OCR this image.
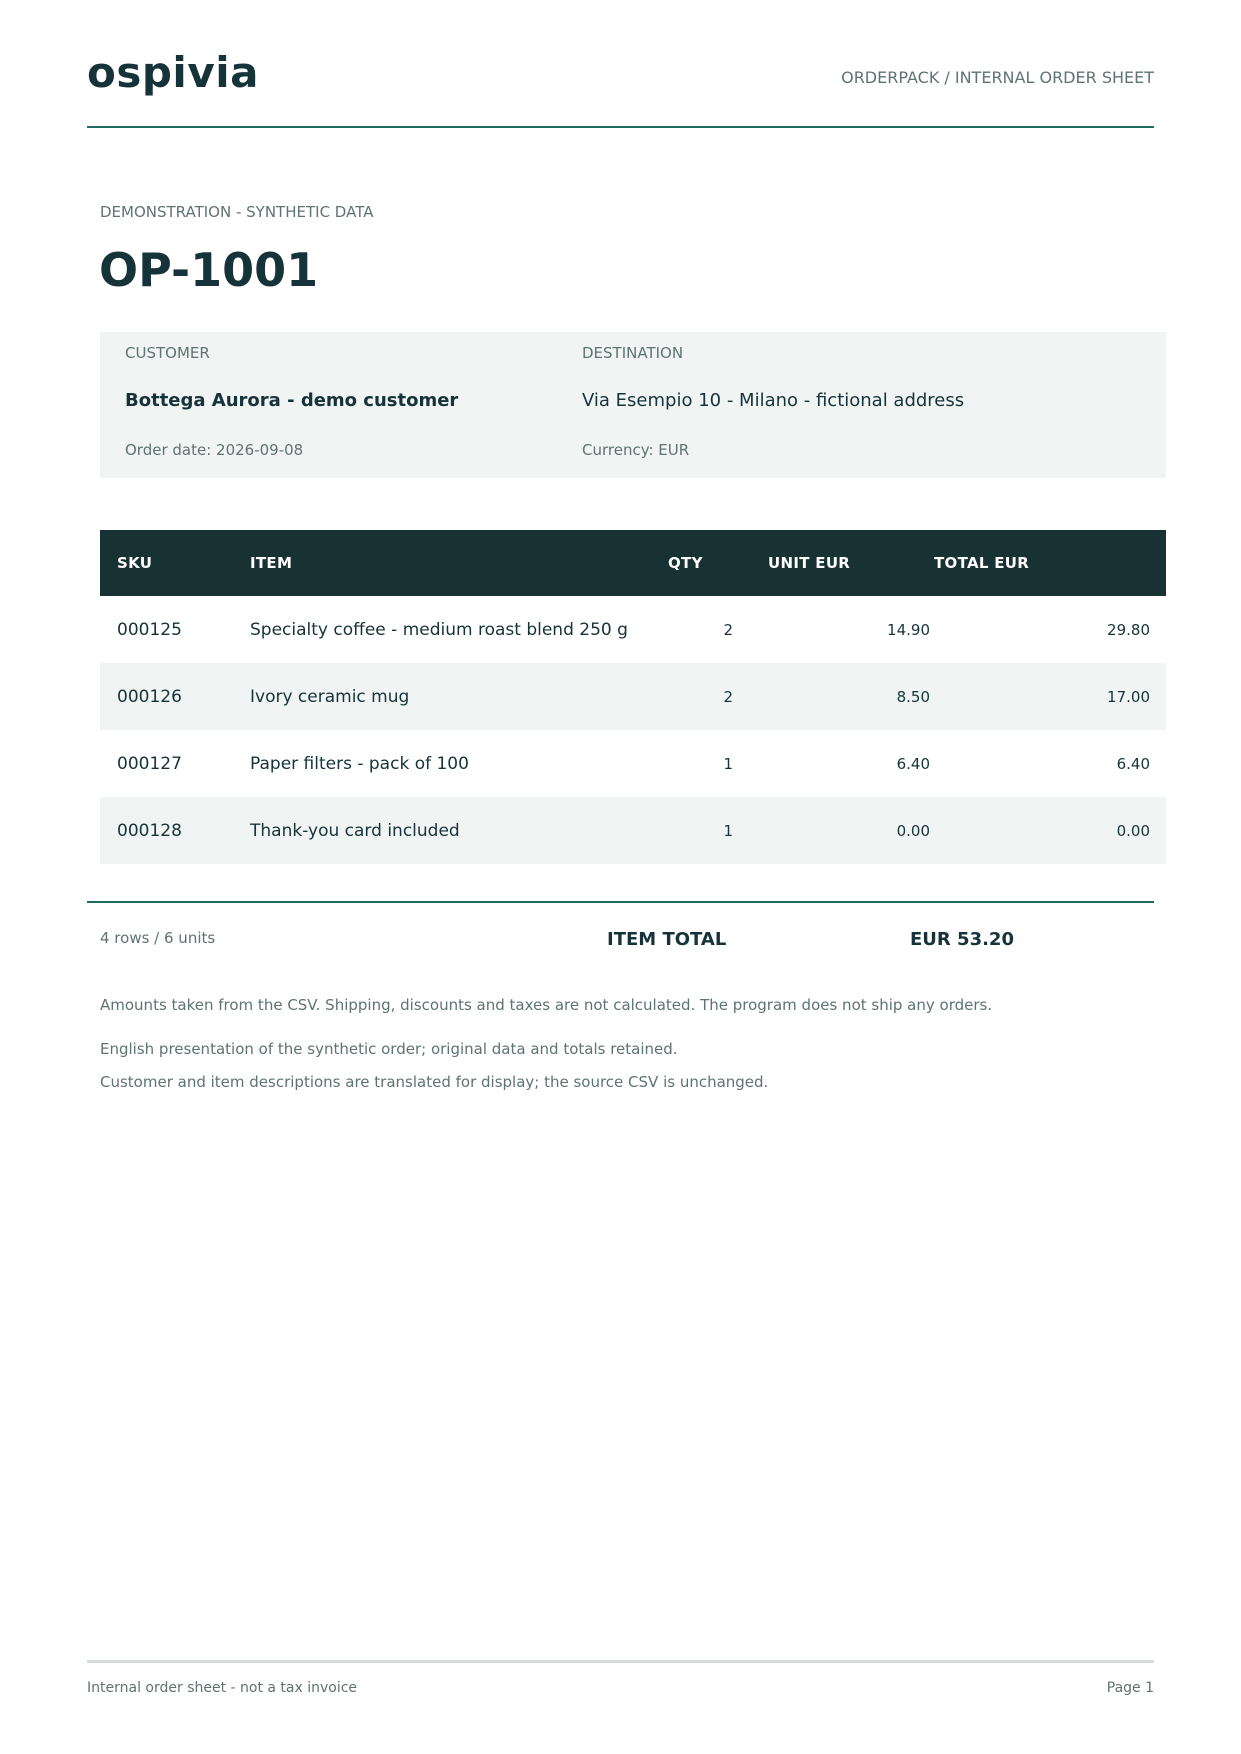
ospivia	ORDERPACK / INTERNAL ORDER SHEET
DEMONSTRATION - SYNTHETIC DATA
OP-1001
CUSTOMER
Bottega Aurora - demo customer
Order date: 2026-09-08
DESTINATION
Via Esempio 10 - Milano - fictional address
Currency: EUR
SKU	ITEM	QTY	UNIT EUR	TOTAL EUR
000125	Specialty coffee - medium roast blend 250 g	2	14.90	29.80
000126	Ivory ceramic mug	2	8.50	17.00
000127	Paper filters - pack of 100	1	6.40	6.40
000128	Thank-you card included	1	0.00	0.00
4 rows / 6 units	ITEM TOTAL	EUR 53.20
Amounts taken from the CSV. Shipping, discounts and taxes are not calculated. The program does not ship any orders.
English presentation of the synthetic order; original data and totals retained.
Customer and item descriptions are translated for display; the source CSV is unchanged.
Internal order sheet - not a tax invoice	Page 1
